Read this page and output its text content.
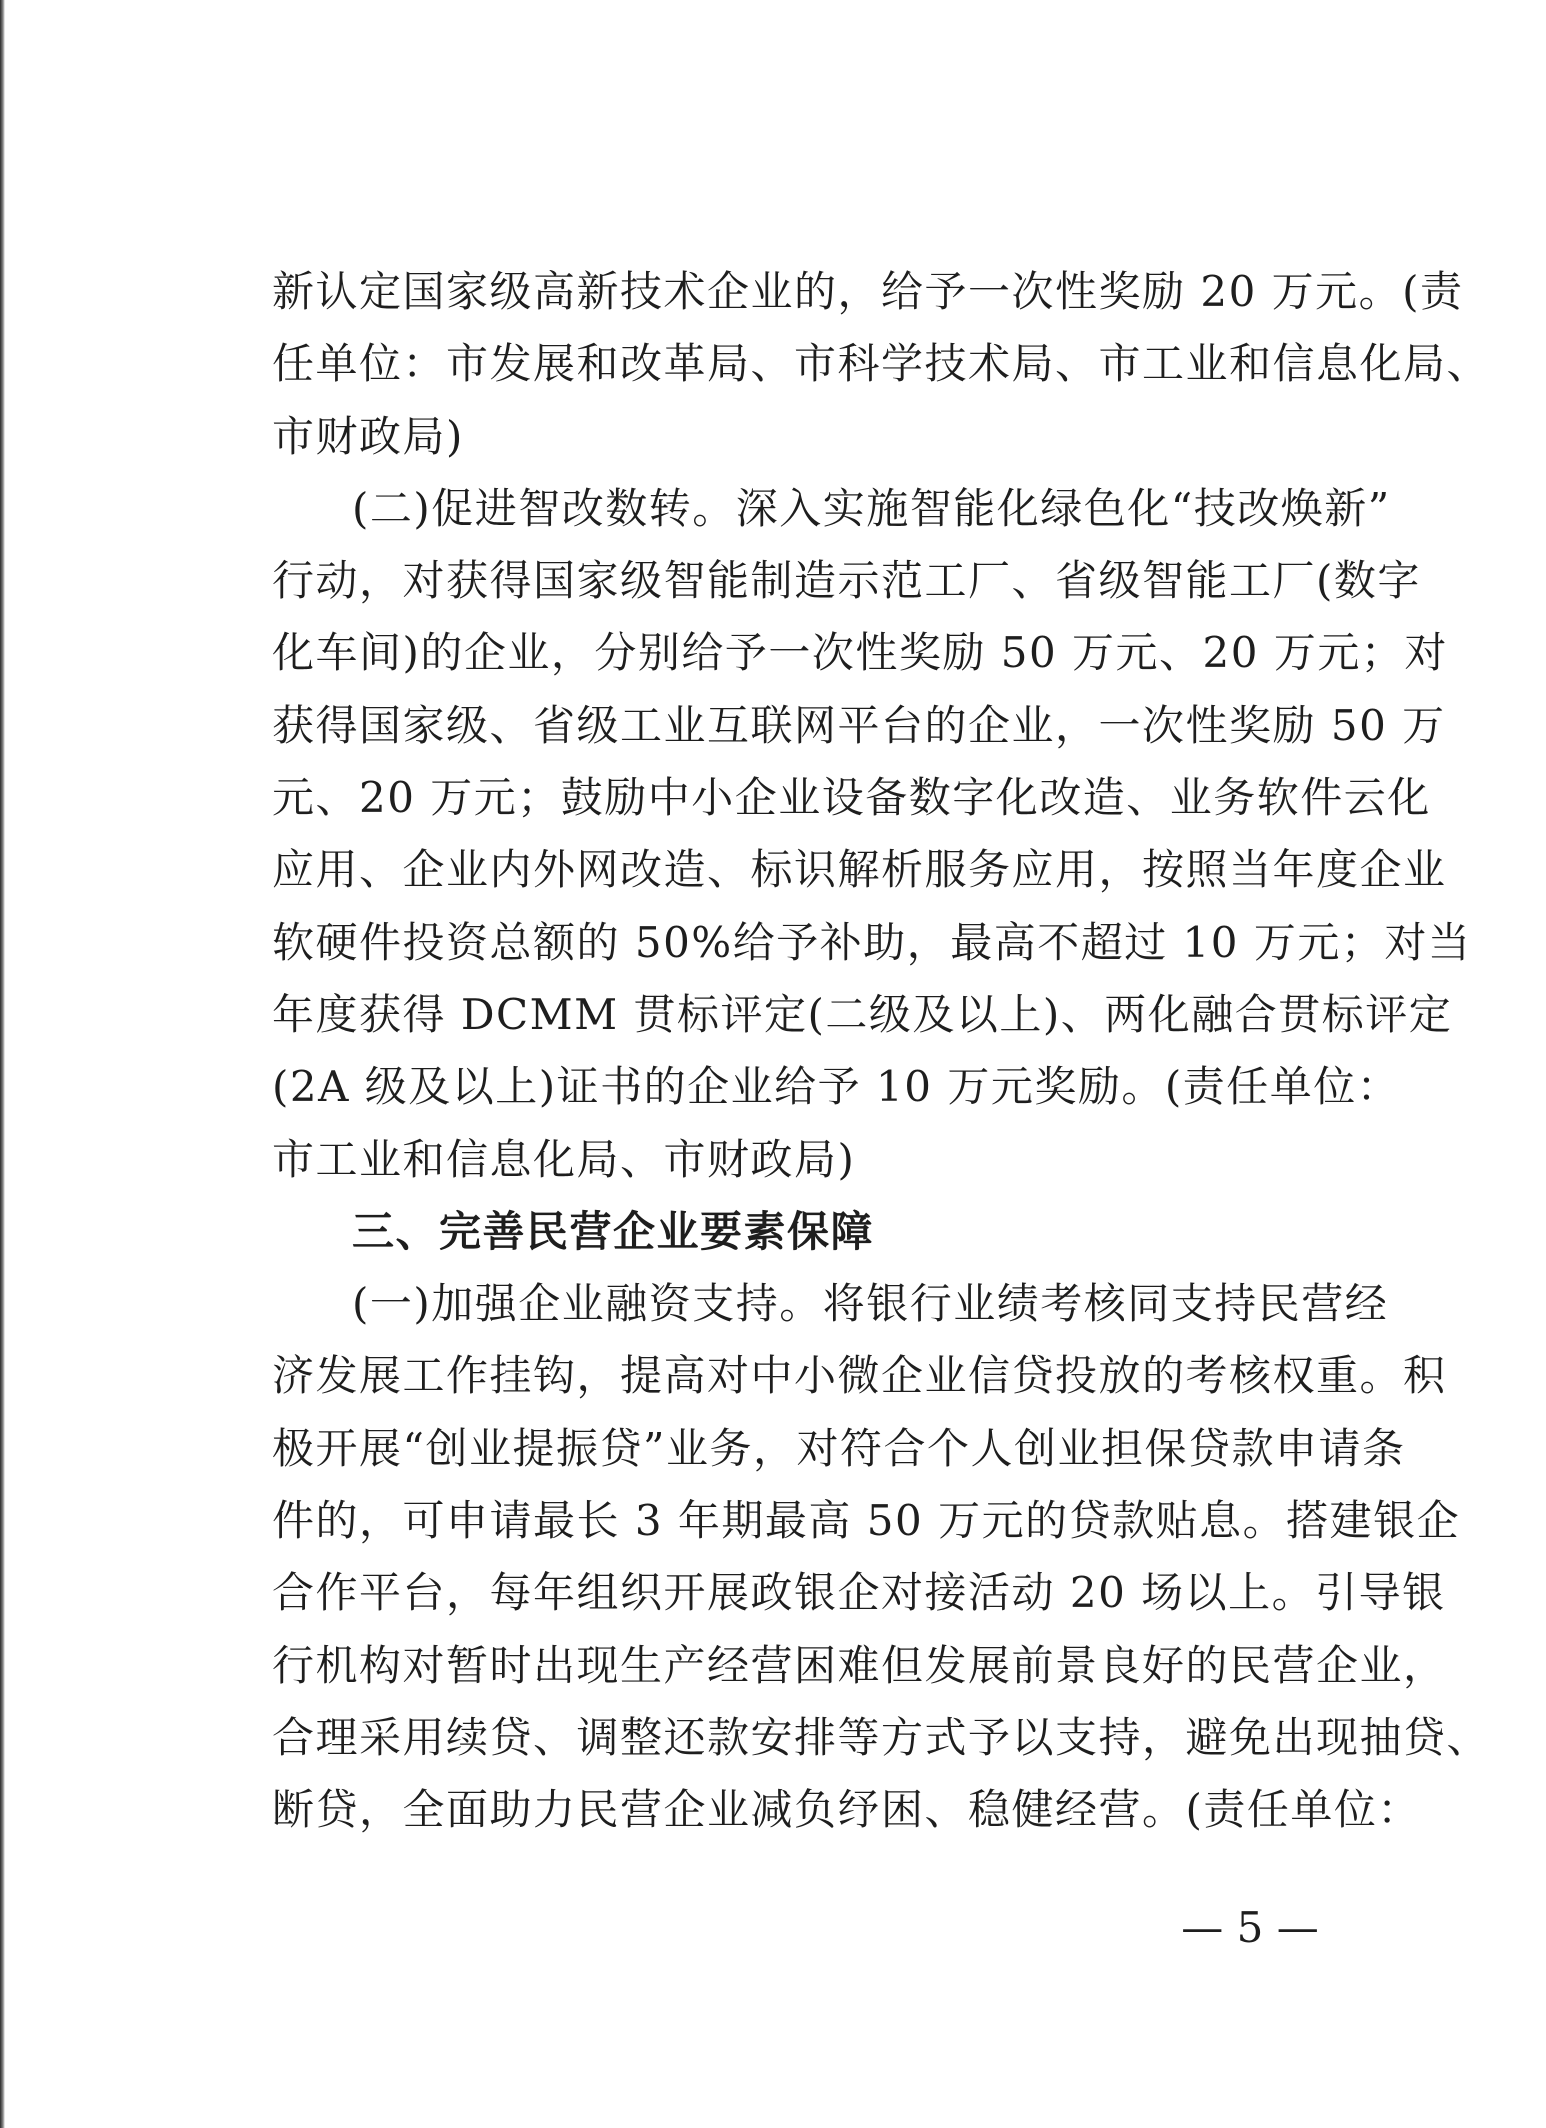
新认定国家级高新技术企业的，给予一次性奖励 20 万元。(责
任单位：市发展和改革局、市科学技术局、市工业和信息化局、
市财政局)
(二)促进智改数转。深入实施智能化绿色化“技改焕新”
行动，对获得国家级智能制造示范工厂、省级智能工厂(数字
化车间)的企业，分别给予一次性奖励 50 万元、20 万元；对
获得国家级、省级工业互联网平台的企业，一次性奖励 50 万
元、20 万元；鼓励中小企业设备数字化改造、业务软件云化
应用、企业内外网改造、标识解析服务应用，按照当年度企业
软硬件投资总额的 50%给予补助，最高不超过 10 万元；对当
年度获得 DCMM 贯标评定(二级及以上)、两化融合贯标评定
(2A 级及以上)证书的企业给予 10 万元奖励。(责任单位：
市工业和信息化局、市财政局)
三、完善民营企业要素保障
(一)加强企业融资支持。将银行业绩考核同支持民营经
济发展工作挂钩，提高对中小微企业信贷投放的考核权重。积
极开展“创业提振贷”业务，对符合个人创业担保贷款申请条
件的，可申请最长 3 年期最高 50 万元的贷款贴息。搭建银企
合作平台，每年组织开展政银企对接活动 20 场以上。引导银
行机构对暂时出现生产经营困难但发展前景良好的民营企业，
合理采用续贷、调整还款安排等方式予以支持，避免出现抽贷、
断贷，全面助力民营企业减负纾困、稳健经营。(责任单位：
— 5 —
